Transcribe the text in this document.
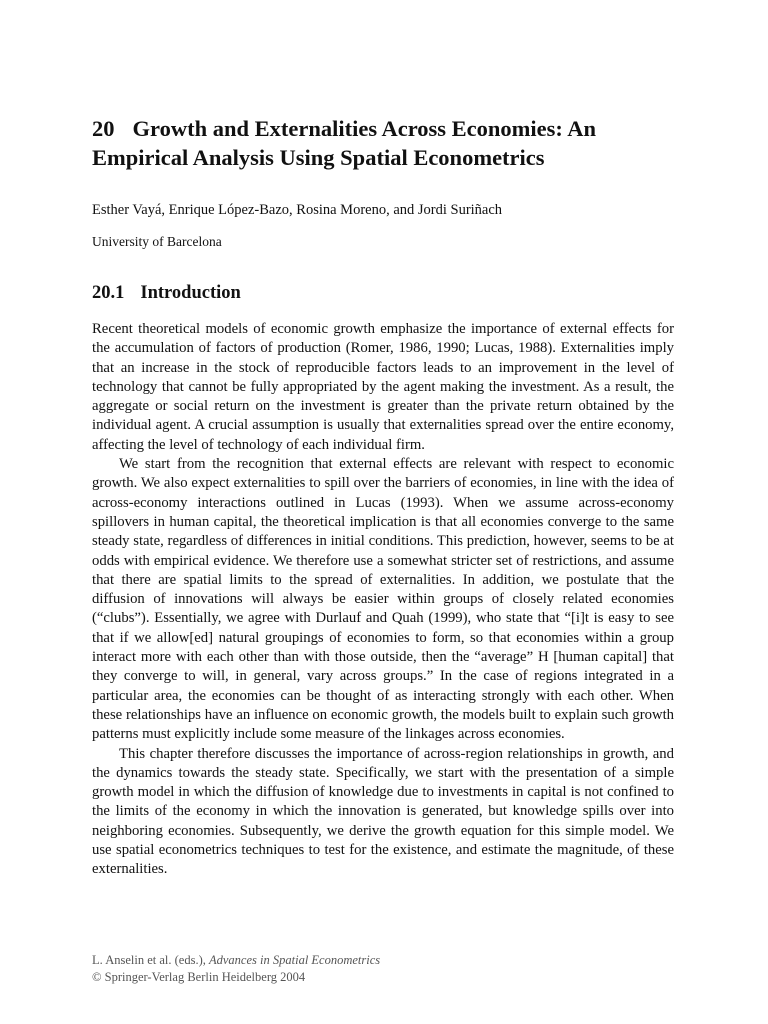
20 Growth and Externalities Across Economies: An
Empirical Analysis Using Spatial Econometrics

Esther Vayá, Enrique López-Bazo, Rosina Moreno, and Jordi Suriñach

University of Barcelona

20.1 Introduction

Recent theoretical models of economic growth emphasize the importance of external effects for the accumulation of factors of production (Romer, 1986, 1990; Lucas, 1988). Externalities imply that an increase in the stock of reproducible factors leads to an improvement in the level of technology that cannot be fully appropriated by the agent making the investment. As a result, the aggregate or social return on the investment is greater than the private return obtained by the individual agent. A crucial assumption is usually that externalities spread over the entire economy, affecting the level of technology of each individual firm.

We start from the recognition that external effects are relevant with respect to economic growth. We also expect externalities to spill over the barriers of economies, in line with the idea of across-economy interactions outlined in Lucas (1993). When we assume across-economy spillovers in human capital, the theoretical implication is that all economies converge to the same steady state, regardless of differences in initial conditions. This prediction, however, seems to be at odds with empirical evidence. We therefore use a somewhat stricter set of restrictions, and assume that there are spatial limits to the spread of externalities. In addition, we postulate that the diffusion of innovations will always be easier within groups of closely related economies (“clubs”). Essentially, we agree with Durlauf and Quah (1999), who state that “[i]t is easy to see that if we allow[ed] natural groupings of economies to form, so that economies within a group interact more with each other than with those outside, then the “average” H [human capital] that they converge to will, in general, vary across groups.” In the case of regions integrated in a particular area, the economies can be thought of as interacting strongly with each other. When these relationships have an influence on economic growth, the models built to explain such growth patterns must explicitly include some measure of the linkages across economies.

This chapter therefore discusses the importance of across-region relationships in growth, and the dynamics towards the steady state. Specifically, we start with the presentation of a simple growth model in which the diffusion of knowledge due to investments in capital is not confined to the limits of the economy in which the innovation is generated, but knowledge spills over into neighboring economies. Subsequently, we derive the growth equation for this simple model. We use spatial econometrics techniques to test for the existence, and estimate the magnitude, of these externalities.

L. Anselin et al. (eds.), Advances in Spatial Econometrics
© Springer-Verlag Berlin Heidelberg 2004
